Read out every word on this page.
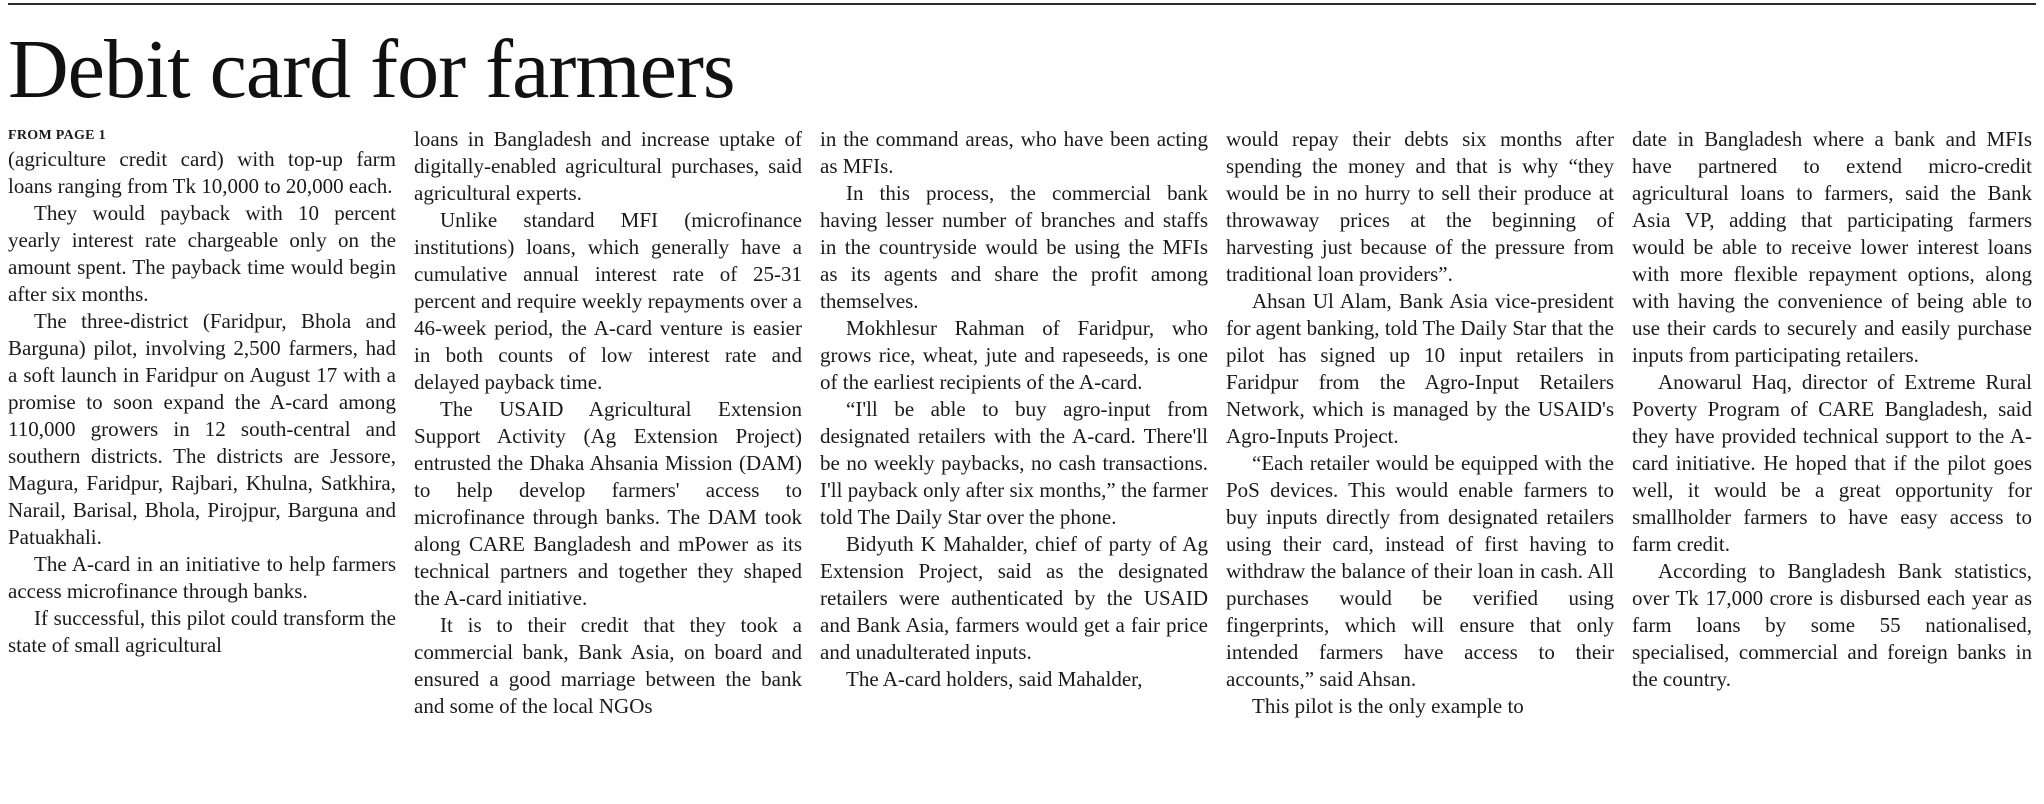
Debit card for farmers
FROM PAGE 1

(agriculture credit card) with top-up farm loans ranging from Tk 10,000 to 20,000 each.

They would payback with 10 percent yearly interest rate chargeable only on the amount spent. The payback time would begin after six months.

The three-district (Faridpur, Bhola and Barguna) pilot, involving 2,500 farmers, had a soft launch in Faridpur on August 17 with a promise to soon expand the A-card among 110,000 growers in 12 south-central and southern districts. The districts are Jessore, Magura, Faridpur, Rajbari, Khulna, Satkhira, Narail, Barisal, Bhola, Pirojpur, Barguna and Patuakhali.

The A-card in an initiative to help farmers access microfinance through banks.

If successful, this pilot could transform the state of small agricultural

loans in Bangladesh and increase uptake of digitally-enabled agricultural purchases, said agricultural experts.

Unlike standard MFI (microfinance institutions) loans, which generally have a cumulative annual interest rate of 25-31 percent and require weekly repayments over a 46-week period, the A-card venture is easier in both counts of low interest rate and delayed payback time.

The USAID Agricultural Extension Support Activity (Ag Extension Project) entrusted the Dhaka Ahsania Mission (DAM) to help develop farmers' access to microfinance through banks. The DAM took along CARE Bangladesh and mPower as its technical partners and together they shaped the A-card initiative.

It is to their credit that they took a commercial bank, Bank Asia, on board and ensured a good marriage between the bank and some of the local NGOs

in the command areas, who have been acting as MFIs.

In this process, the commercial bank having lesser number of branches and staffs in the countryside would be using the MFIs as its agents and share the profit among themselves.

Mokhlesur Rahman of Faridpur, who grows rice, wheat, jute and rapeseeds, is one of the earliest recipients of the A-card.

“I'll be able to buy agro-input from designated retailers with the A-card. There'll be no weekly paybacks, no cash transactions. I'll payback only after six months,” the farmer told The Daily Star over the phone.

Bidyuth K Mahalder, chief of party of Ag Extension Project, said as the designated retailers were authenticated by the USAID and Bank Asia, farmers would get a fair price and unadulterated inputs.

The A-card holders, said Mahalder,

would repay their debts six months after spending the money and that is why “they would be in no hurry to sell their produce at throwaway prices at the beginning of harvesting just because of the pressure from traditional loan providers”.

Ahsan Ul Alam, Bank Asia vice-president for agent banking, told The Daily Star that the pilot has signed up 10 input retailers in Faridpur from the Agro-Input Retailers Network, which is managed by the USAID's Agro-Inputs Project.

“Each retailer would be equipped with the PoS devices. This would enable farmers to buy inputs directly from designated retailers using their card, instead of first having to withdraw the balance of their loan in cash. All purchases would be verified using fingerprints, which will ensure that only intended farmers have access to their accounts,” said Ahsan.

This pilot is the only example to

date in Bangladesh where a bank and MFIs have partnered to extend micro-credit agricultural loans to farmers, said the Bank Asia VP, adding that participating farmers would be able to receive lower interest loans with more flexible repayment options, along with having the convenience of being able to use their cards to securely and easily purchase inputs from participating retailers.

Anowarul Haq, director of Extreme Rural Poverty Program of CARE Bangladesh, said they have provided technical support to the A-card initiative. He hoped that if the pilot goes well, it would be a great opportunity for smallholder farmers to have easy access to farm credit.

According to Bangladesh Bank statistics, over Tk 17,000 crore is disbursed each year as farm loans by some 55 nationalised, specialised, commercial and foreign banks in the country.
